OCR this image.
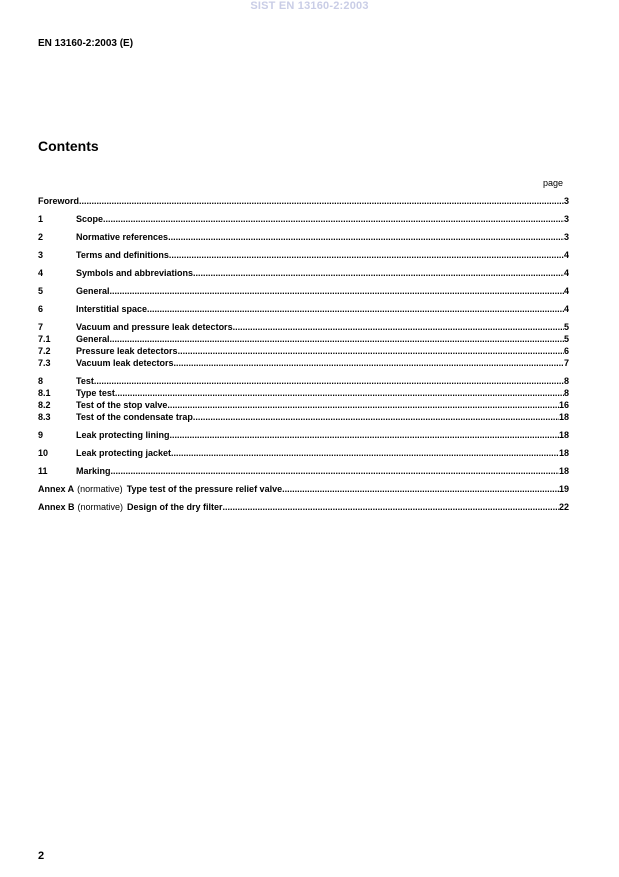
SIST EN 13160-2:2003
EN 13160-2:2003 (E)
Contents
page
Foreword .....	3
1	Scope .....	3
2	Normative references .....	3
3	Terms and definitions .....	4
4	Symbols and abbreviations .....	4
5	General .....	4
6	Interstitial space .....	4
7	Vacuum and pressure leak detectors .....	5
7.1	General .....	5
7.2	Pressure leak detectors .....	6
7.3	Vacuum leak detectors .....	7
8	Test .....	8
8.1	Type test .....	8
8.2	Test of the stop valve .....	16
8.3	Test of the condensate trap .....	18
9	Leak protecting lining .....	18
10	Leak protecting jacket .....	18
11	Marking .....	18
Annex A (normative) Type test of the pressure relief valve .....	19
Annex B (normative) Design of the dry filter .....	22
2
